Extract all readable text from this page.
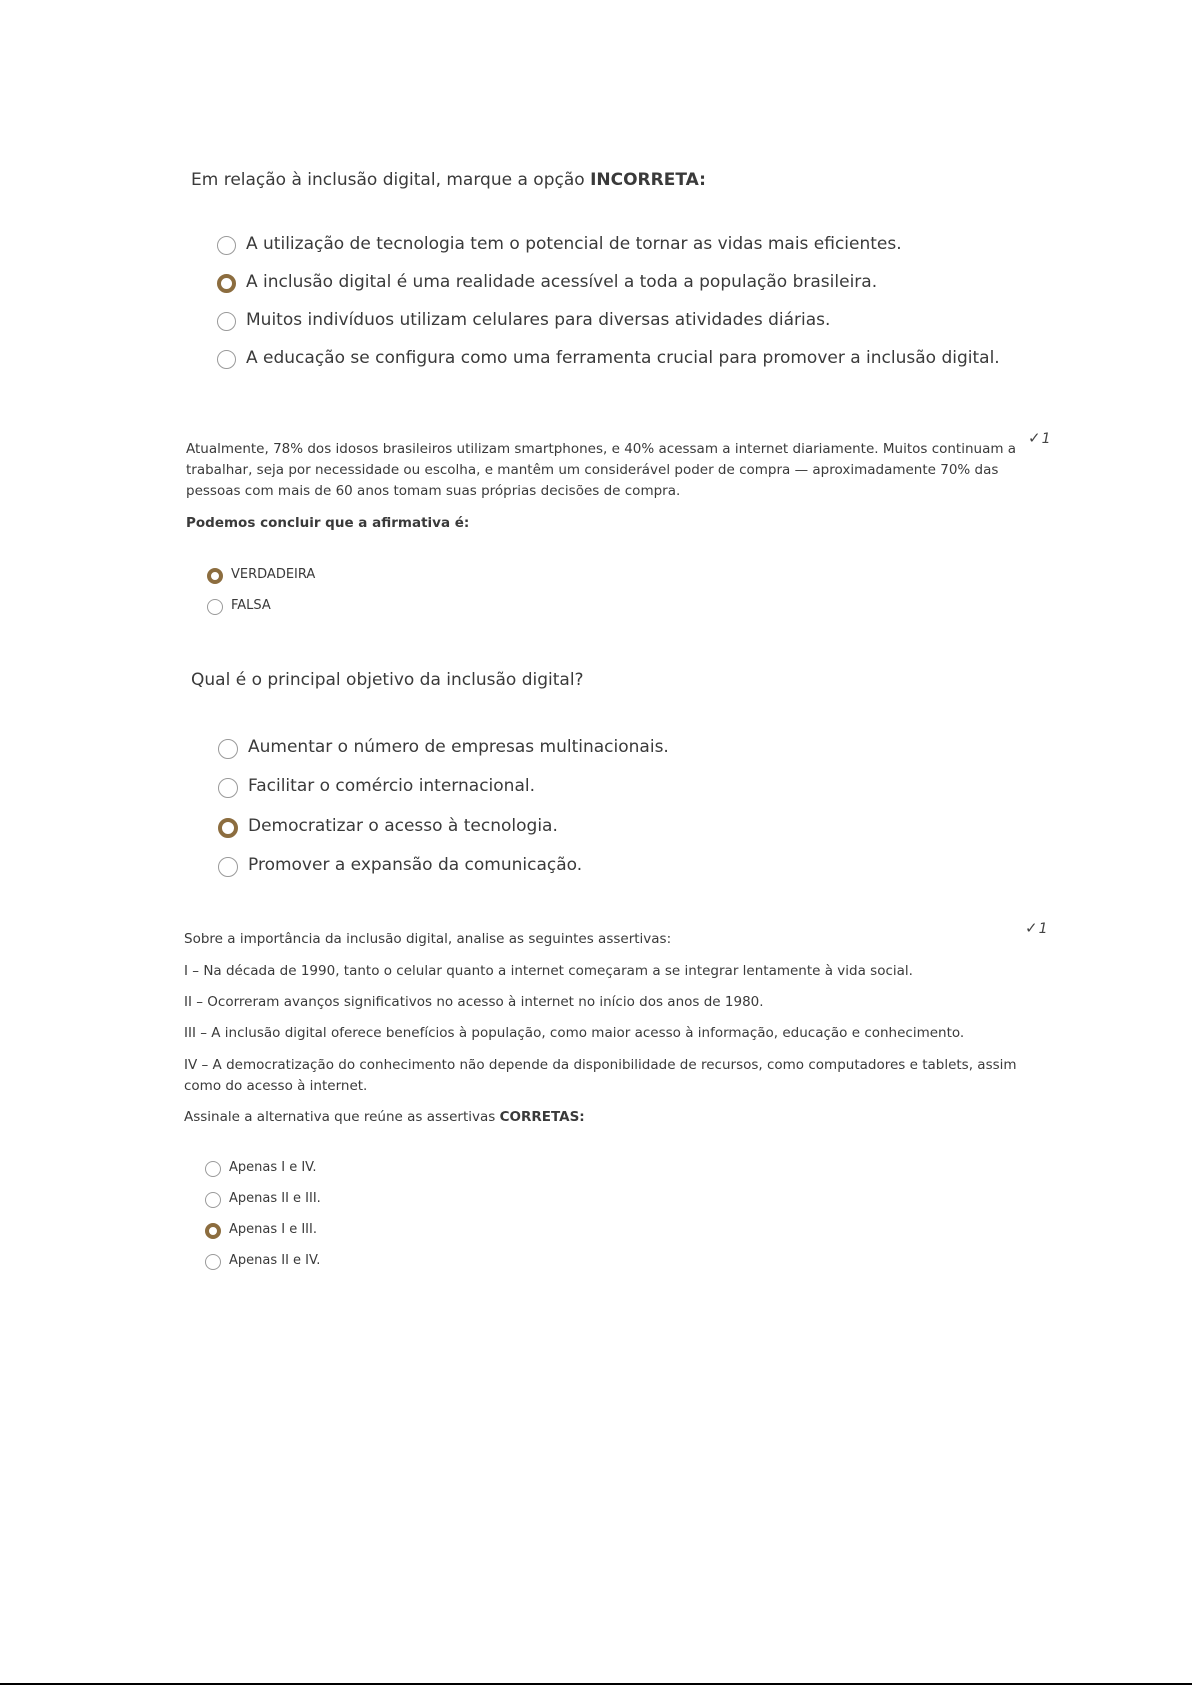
Em relação à inclusão digital, marque a opção INCORRETA:
A utilização de tecnologia tem o potencial de tornar as vidas mais eficientes.
A inclusão digital é uma realidade acessível a toda a população brasileira.
Muitos indivíduos utilizam celulares para diversas atividades diárias.
A educação se configura como uma ferramenta crucial para promover a inclusão digital.
✓1
Atualmente, 78% dos idosos brasileiros utilizam smartphones, e 40% acessam a internet diariamente. Muitos continuam a trabalhar, seja por necessidade ou escolha, e mantêm um considerável poder de compra — aproximadamente 70% das pessoas com mais de 60 anos tomam suas próprias decisões de compra.
Podemos concluir que a afirmativa é:
VERDADEIRA
FALSA
Qual é o principal objetivo da inclusão digital?
Aumentar o número de empresas multinacionais.
Facilitar o comércio internacional.
Democratizar o acesso à tecnologia.
Promover a expansão da comunicação.
✓1
Sobre a importância da inclusão digital, analise as seguintes assertivas:
I – Na década de 1990, tanto o celular quanto a internet começaram a se integrar lentamente à vida social.
II – Ocorreram avanços significativos no acesso à internet no início dos anos de 1980.
III – A inclusão digital oferece benefícios à população, como maior acesso à informação, educação e conhecimento.
IV – A democratização do conhecimento não depende da disponibilidade de recursos, como computadores e tablets, assim como do acesso à internet.
Assinale a alternativa que reúne as assertivas CORRETAS:
Apenas I e IV.
Apenas II e III.
Apenas I e III.
Apenas II e IV.
